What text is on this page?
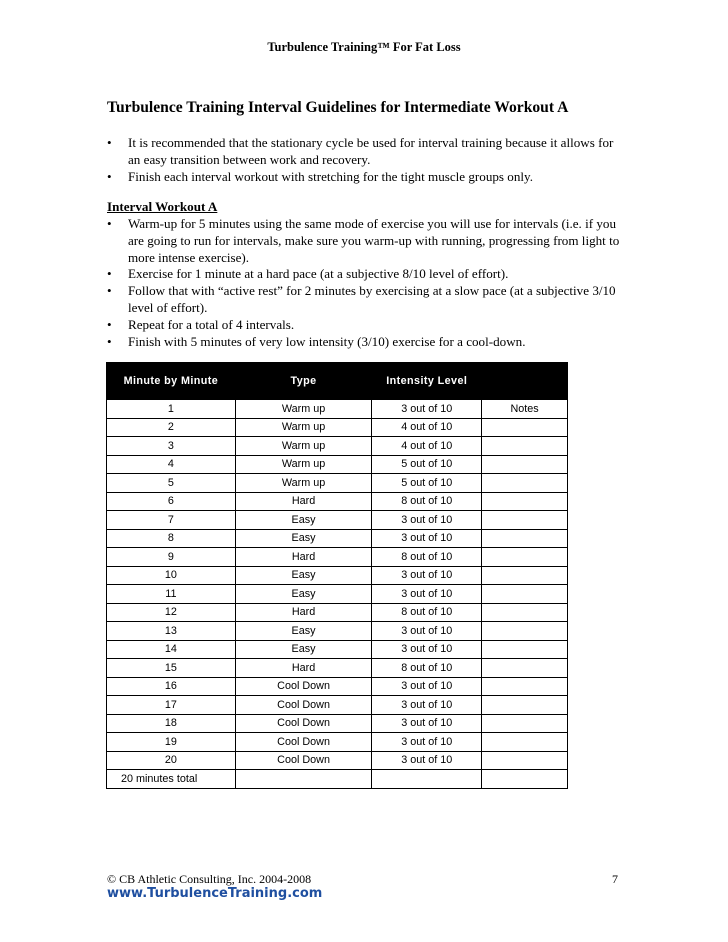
Turbulence Training™ For Fat Loss
Turbulence Training Interval Guidelines for Intermediate Workout A
• It is recommended that the stationary cycle be used for interval training because it allows for an easy transition between work and recovery.
• Finish each interval workout with stretching for the tight muscle groups only.
Interval Workout A
• Warm-up for 5 minutes using the same mode of exercise you will use for intervals (i.e. if you are going to run for intervals, make sure you warm-up with running, progressing from light to more intense exercise).
• Exercise for 1 minute at a hard pace (at a subjective 8/10 level of effort).
• Follow that with “active rest” for 2 minutes by exercising at a slow pace (at a subjective 3/10 level of effort).
• Repeat for a total of 4 intervals.
• Finish with 5 minutes of very low intensity (3/10) exercise for a cool-down.
Minute by Minute	Type	Intensity Level	
1	Warm up	3 out of 10	Notes
2	Warm up	4 out of 10	
3	Warm up	4 out of 10	
4	Warm up	5 out of 10	
5	Warm up	5 out of 10	
6	Hard	8 out of 10	
7	Easy	3 out of 10	
8	Easy	3 out of 10	
9	Hard	8 out of 10	
10	Easy	3 out of 10	
11	Easy	3 out of 10	
12	Hard	8 out of 10	
13	Easy	3 out of 10	
14	Easy	3 out of 10	
15	Hard	8 out of 10	
16	Cool Down	3 out of 10	
17	Cool Down	3 out of 10	
18	Cool Down	3 out of 10	
19	Cool Down	3 out of 10	
20	Cool Down	3 out of 10	
20 minutes total			
© CB Athletic Consulting, Inc. 2004-2008	7
www.TurbulenceTraining.com
